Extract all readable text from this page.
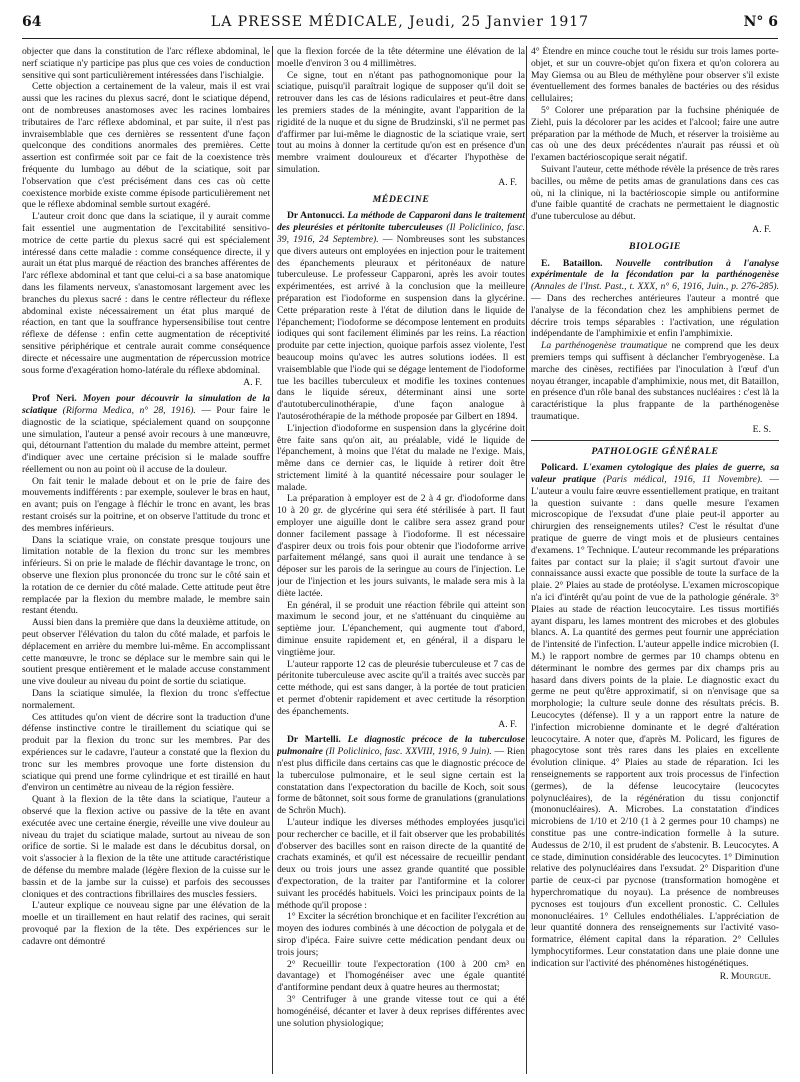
64	LA PRESSE MÉDICALE, Jeudi, 25 Janvier 1917	N° 6

objecter que dans la constitution de l'arc réflexe abdominal, le nerf sciatique n'y participe pas plus que ces voies de conduction sensitive qui sont particulièrement intéressées dans l'ischialgie.

Cette objection a certainement de la valeur, mais il est vrai aussi que les racines du plexus sacré, dont le sciatique dépend, ont de nombreuses anastomoses avec les racines lombaires tributaires de l'arc réflexe abdominal, et par suite, il n'est pas invraisemblable que ces dernières se ressentent d'une façon quelconque des conditions anormales des premières. Cette assertion est confirmée soit par ce fait de la coexistence très fréquente du lumbago au début de la sciatique, soit par l'observation que c'est précisément dans ces cas où cette coexistence morbide existe comme épisode particulièrement net que le réflexe abdominal semble surtout exagéré.

L'auteur croit donc que dans la sciatique, il y aurait comme fait essentiel une augmentation de l'excitabilité sensitivo-motrice de cette partie du plexus sacré qui est spécialement intéressé dans cette maladie : comme conséquence directe, il y aurait un état plus marqué de réaction des branches afférentes de l'arc réflexe abdominal et tant que celui-ci a sa base anatomique dans les filaments nerveux, s'anastomosant largement avec les branches du plexus sacré : dans le centre réflecteur du réflexe abdominal existe nécessairement un état plus marqué de réaction, en tant que la souffrance hypersensibilise tout centre réflexe de défense : enfin cette augmentation de réceptivité sensitive périphérique et centrale aurait comme conséquence directe et nécessaire une augmentation de répercussion motrice sous forme d'exagération homo-latérale du réflexe abdominal.

A. F.

Prof Neri. Moyen pour découvrir la simulation de la sciatique (Riforma Medica, n° 28, 1916). — Pour faire le diagnostic de la sciatique, spécialement quand on soupçonne une simulation, l'auteur a pensé avoir recours à une manœuvre, qui, détournant l'attention du malade du membre atteint, permet d'indiquer avec une certaine précision si le malade souffre réellement ou non au point où il accuse de la douleur.

On fait tenir le malade debout et on le prie de faire des mouvements indifférents : par exemple, soulever le bras en haut, en avant; puis on l'engage à fléchir le tronc en avant, les bras restant croisés sur la poitrine, et on observe l'attitude du tronc et des membres inférieurs.

Dans la sciatique vraie, on constate presque toujours une limitation notable de la flexion du tronc sur les membres inférieurs. Si on prie le malade de fléchir davantage le tronc, on observe une flexion plus prononcée du tronc sur le côté sain et la rotation de ce dernier du côté malade. Cette attitude peut être remplacée par la flexion du membre malade, le membre sain restant étendu.

Aussi bien dans la première que dans la deuxième attitude, on peut observer l'élévation du talon du côté malade, et parfois le déplacement en arrière du membre lui-même. En accomplissant cette manœuvre, le tronc se déplace sur le membre sain qui le soutient presque entièrement et le malade accuse constamment une vive douleur au niveau du point de sortie du sciatique.

Dans la sciatique simulée, la flexion du tronc s'effectue normalement.

Ces attitudes qu'on vient de décrire sont la traduction d'une défense instinctive contre le tiraillement du sciatique qui se produit par la flexion du tronc sur les membres. Par des expériences sur le cadavre, l'auteur a constaté que la flexion du tronc sur les membres provoque une forte distension du sciatique qui prend une forme cylindrique et est tiraillé en haut d'environ un centimètre au niveau de la région fessière.

Quant à la flexion de la tête dans la sciatique, l'auteur a observé que la flexion active ou passive de la tête en avant exécutée avec une certaine énergie, réveille une vive douleur au niveau du trajet du sciatique malade, surtout au niveau de son orifice de sortie. Si le malade est dans le décubitus dorsal, on voit s'associer à la flexion de la tête une attitude caractéristique de défense du membre malade (légère flexion de la cuisse sur le bassin et de la jambe sur la cuisse) et parfois des secousses cloniques et des contractions fibrillaires des muscles fessiers.

L'auteur explique ce nouveau signe par une élévation de la moelle et un tiraillement en haut relatif des racines, qui serait provoqué par la flexion de la tête. Des expériences sur le cadavre ont démontré

que la flexion forcée de la tête détermine une élévation de la moelle d'environ 3 ou 4 millimètres.

Ce signe, tout en n'étant pas pathognomonique pour la sciatique, puisqu'il paraîtrait logique de supposer qu'il doit se retrouver dans les cas de lésions radiculaires et peut-être dans les premiers stades de la méningite, avant l'apparition de la rigidité de la nuque et du signe de Brudzinski, s'il ne permet pas d'affirmer par lui-même le diagnostic de la sciatique vraie, sert tout au moins à donner la certitude qu'on est en présence d'un membre vraiment douloureux et d'écarter l'hypothèse de simulation.

A. F.
MÉDECINE

Dr Antonucci. La méthode de Capparoni dans le traitement des pleurésies et péritonite tuberculeuses (Il Policlinico, fasc. 39, 1916, 24 Septembre). — Nombreuses sont les substances que divers auteurs ont employées en injection pour le traitement des épanchements pleuraux et péritonéaux de nature tuberculeuse. Le professeur Capparoni, après les avoir toutes expérimentées, est arrivé à la conclusion que la meilleure préparation est l'iodoforme en suspension dans la glycérine. Cette préparation reste à l'état de dilution dans le liquide de l'épanchement; l'iodoforme se décompose lentement en produits iodiques qui sont facilement éliminés par les reins. La réaction produite par cette injection, quoique parfois assez violente, l'est beaucoup moins qu'avec les autres solutions iodées. Il est vraisemblable que l'iode qui se dégage lentement de l'iodoforme tue les bacilles tuberculeux et modifie les toxines contenues dans le liquide séreux, déterminant ainsi une sorte d'autotuberculinothérapie, d'une façon analogue à l'autosérothérapie de la méthode proposée par Gilbert en 1894.

L'injection d'iodoforme en suspension dans la glycérine doit être faite sans qu'on ait, au préalable, vidé le liquide de l'épanchement, à moins que l'état du malade ne l'exige. Mais, même dans ce dernier cas, le liquide à retirer doit être strictement limité à la quantité nécessaire pour soulager le malade.

La préparation à employer est de 2 à 4 gr. d'iodoforme dans 10 à 20 gr. de glycérine qui sera été stérilisée à part. Il faut employer une aiguille dont le calibre sera assez grand pour donner facilement passage à l'iodoforme. Il est nécessaire d'aspirer deux ou trois fois pour obtenir que l'iodoforme arrive parfaitement mélangé, sans quoi il aurait une tendance à se déposer sur les parois de la seringue au cours de l'injection. Le jour de l'injection et les jours suivants, le malade sera mis à la diète lactée.

En général, il se produit une réaction fébrile qui atteint son maximum le second jour, et ne s'atténuant du cinquième au septième jour. L'épanchement, qui augmente tout d'abord, diminue ensuite rapidement et, en général, il a disparu le vingtième jour.

L'auteur rapporte 12 cas de pleurésie tuberculeuse et 7 cas de péritonite tuberculeuse avec ascite qu'il a traités avec succès par cette méthode, qui est sans danger, à la portée de tout praticien et permet d'obtenir rapidement et avec certitude la résorption des épanchements.

A. F.

Dr Martelli. Le diagnostic précoce de la tuberculose pulmonaire (Il Policlinico, fasc. XXVIII, 1916, 9 Juin). — Rien n'est plus difficile dans certains cas que le diagnostic précoce de la tuberculose pulmonaire, et le seul signe certain est la constatation dans l'expectoration du bacille de Koch, soit sous forme de bâtonnet, soit sous forme de granulations (granulations de Schrön Much).

L'auteur indique les diverses méthodes employées jusqu'ici pour rechercher ce bacille, et il fait observer que les probabilités d'observer des bacilles sont en raison directe de la quantité de crachats examinés, et qu'il est nécessaire de recueillir pendant deux ou trois jours une assez grande quantité que possible d'expectoration, de la traiter par l'antiformine et la colorer suivant les procédés habituels. Voici les principaux points de la méthode qu'il propose :

1° Exciter la sécrétion bronchique et en faciliter l'excrétion au moyen des iodures combinés à une décoction de polygala et de sirop d'ipéca. Faire suivre cette médication pendant deux ou trois jours;

2° Recueillir toute l'expectoration (100 à 200 cm³ en davantage) et l'homogénéiser avec une égale quantité d'antiformine pendant deux à quatre heures au thermostat;

3° Centrifuger à une grande vitesse tout ce qui a été homogénéisé, décanter et laver à deux reprises différentes avec une solution physiologique;

4° Étendre en mince couche tout le résidu sur trois lames porte-objet, et sur un couvre-objet qu'on fixera et qu'on colorera au May Giemsa ou au Bleu de méthylène pour observer s'il existe éventuellement des formes banales de bactéries ou des résidus cellulaires;

5° Colorer une préparation par la fuchsine phéniquée de Ziehl, puis la décolorer par les acides et l'alcool; faire une autre préparation par la méthode de Much, et réserver la troisième au cas où une des deux précédentes n'aurait pas réussi et où l'examen bactérioscopique serait négatif.

Suivant l'auteur, cette méthode révèle la présence de très rares bacilles, ou même de petits amas de granulations dans ces cas où, ni la clinique, ni la bactérioscopie simple ou antiformine d'une faible quantité de crachats ne permettaient le diagnostic d'une tuberculose au début.

A. F.
BIOLOGIE

E. Bataillon. Nouvelle contribution à l'analyse expérimentale de la fécondation par la parthénogenèse (Annales de l'Inst. Past., t. XXX, n° 6, 1916, Juin., p. 276-285). — Dans des recherches antérieures l'auteur a montré que l'analyse de la fécondation chez les amphibiens permet de décrire trois temps séparables : l'activation, une régulation indépendante de l'amphimixie et enfin l'amphimixie.

La parthénogenèse traumatique ne comprend que les deux premiers temps qui suffisent à déclancher l'embryogenèse. La marche des cinèses, rectifiées par l'inoculation à l'œuf d'un noyau étranger, incapable d'amphimixie, nous met, dit Bataillon, en présence d'un rôle banal des substances nucléaires : c'est là la caractéristique la plus frappante de la parthénogenèse traumatique.

E. S.
PATHOLOGIE GÉNÉRALE

Policard. L'examen cytologique des plaies de guerre, sa valeur pratique (Paris médical, 1916, 11 Novembre). — L'auteur a voulu faire œuvre essentiellement pratique, en traitant la question suivante : dans quelle mesure l'examen microscopique de l'exsudat d'une plaie peut-il apporter au chirurgien des renseignements utiles? C'est le résultat d'une pratique de guerre de vingt mois et de plusieurs centaines d'examens. 1° Technique. L'auteur recommande les préparations faites par contact sur la plaie; il s'agit surtout d'avoir une connaissance aussi exacte que possible de toute la surface de la plaie. 2° Plaies au stade de protéolyse. L'examen microscopique n'a ici d'intérêt qu'au point de vue de la pathologie générale. 3° Plaies au stade de réaction leucocytaire. Les tissus mortifiés ayant disparu, les lames montrent des microbes et des globules blancs. A. La quantité des germes peut fournir une appréciation de l'intensité de l'infection. L'auteur appelle indice microbien (I. M.) le rapport nombre de germes par 10 champs obtenu en déterminant le nombre des germes par dix champs pris au hasard dans divers points de la plaie. Le diagnostic exact du germe ne peut qu'être approximatif, si on n'envisage que sa morphologie; la culture seule donne des résultats précis. B. Leucocytes (défense). Il y a un rapport entre la nature de l'infection microbienne dominante et le degré d'altération leucocytaire. A noter que, d'après M. Policard, les figures de phagocytose sont très rares dans les plaies en excellente évolution clinique. 4° Plaies au stade de réparation. Ici les renseignements se rapportent aux trois processus de l'infection (germes), de la défense leucocytaire (leucocytes polynucléaires), de la régénération du tissu conjonctif (mononucléaires). A. Microbes. La constatation d'indices microbiens de 1/10 et 2/10 (1 à 2 germes pour 10 champs) ne constitue pas une contre-indication formelle à la suture. Audessus de 2/10, il est prudent de s'abstenir. B. Leucocytes. A ce stade, diminution considérable des leucocytes. 1° Diminution relative des polynucléaires dans l'exsudat. 2° Disparition d'une partie de ceux-ci par pycnose (transformation homogène et hyperchromatique du noyau). La présence de nombreuses pycnoses est toujours d'un excellent pronostic. C. Cellules mononucléaires. 1° Cellules endothéliales. L'appréciation de leur quantité donnera des renseignements sur l'activité vaso-formatrice, élément capital dans la réparation. 2° Cellules lymphocytiformes. Leur constatation dans une plaie donne une indication sur l'activité des phénomènes histogénétiques.

R. Mourgue.
